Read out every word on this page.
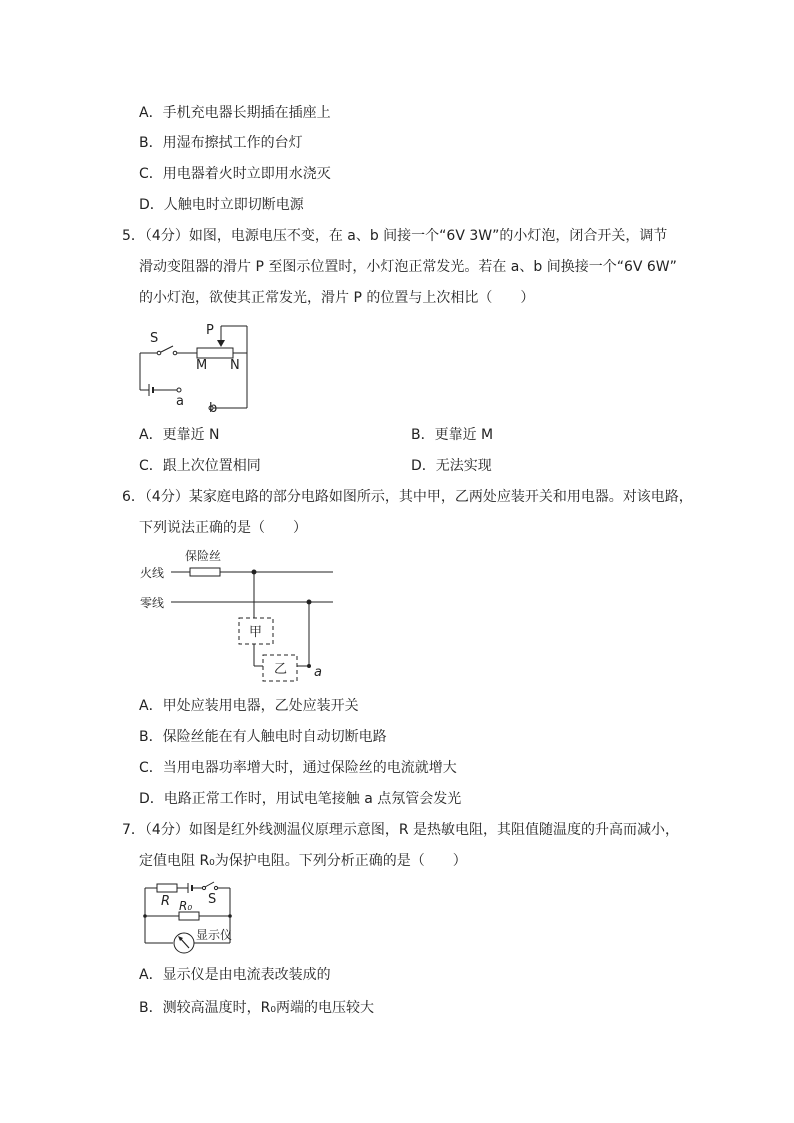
A．手机充电器长期插在插座上
B．用湿布擦拭工作的台灯
C．用电器着火时立即用水浇灭
D．人触电时立即切断电源
5．（4分）如图，电源电压不变，在 a、b 间接一个“6V 3W”的小灯泡，闭合开关，调节
滑动变阻器的滑片 P 至图示位置时，小灯泡正常发光。若在 a、b 间换接一个“6V 6W”
的小灯泡，欲使其正常发光，滑片 P 的位置与上次相比（　　）
S
P
M N
a b
A．更靠近 N	B．更靠近 M
C．跟上次位置相同	D．无法实现
6．（4分）某家庭电路的部分电路如图所示，其中甲，乙两处应装开关和用电器。对该电路，
下列说法正确的是（　　）
保险丝
火线
零线
甲
乙 a
A．甲处应装用电器，乙处应装开关
B．保险丝能在有人触电时自动切断电路
C．当用电器功率增大时，通过保险丝的电流就增大
D．电路正常工作时，用试电笔接触 a 点氖管会发光
7．（4分）如图是红外线测温仪原理示意图，R 是热敏电阻，其阻值随温度的升高而减小，
定值电阻 R₀为保护电阻。下列分析正确的是（　　）
R R₀ S
显示仪
A．显示仪是由电流表改装成的
B．测较高温度时，R₀两端的电压较大
